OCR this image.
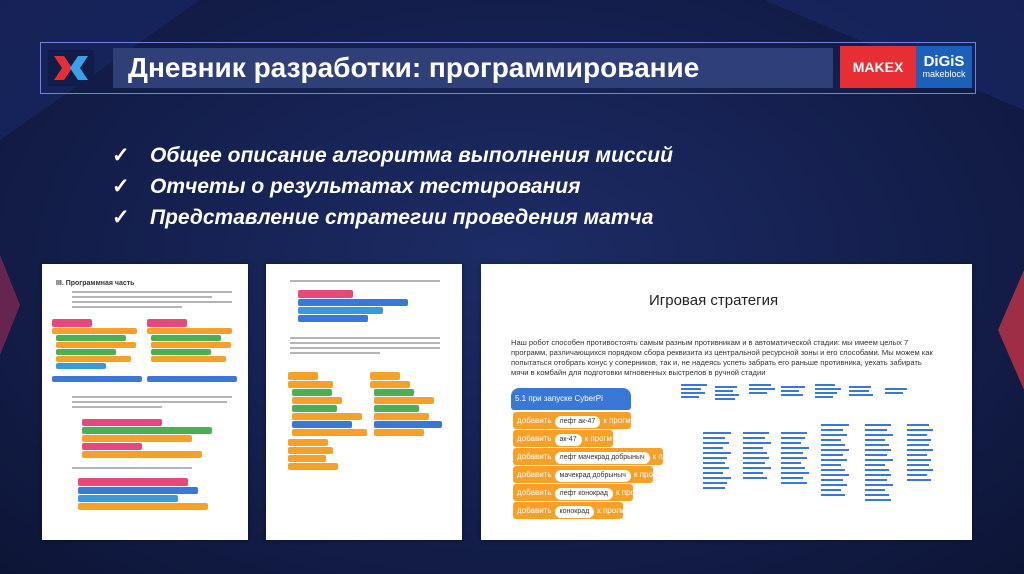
Дневник разработки: программирование	MAKEX	DiGiS
makeblock
✓ Общее описание алгоритма выполнения миссий
✓ Отчеты о результатах тестирования
✓ Представление стратегии проведения матча
III. Программная часть
Игровая стратегия
Наш робот способен противостоять самым разным противникам и в автоматической стадии: мы имеем целых 7 программ, различающихся порядком сбора реквизита из центральной ресурсной зоны и его способами. Мы можем как попытаться отобрать конус у соперников, так и, не надеясь успеть забрать его раньше противника, уехать забирать мячи в комбайн для подготовки мгновенных выстрелов в ручной стадии
5.1 при запуске CyberPi
добавить лефт ак-47 к прогм ▾
добавить ак-47 к прогм ▾
добавить лефт мачекрад добрыныч к прогм ▾
добавить мачекрад добрыныч к прогм ▾
добавить лефт конокрад к прогм ▾
добавить конокрад к прогм ▾
